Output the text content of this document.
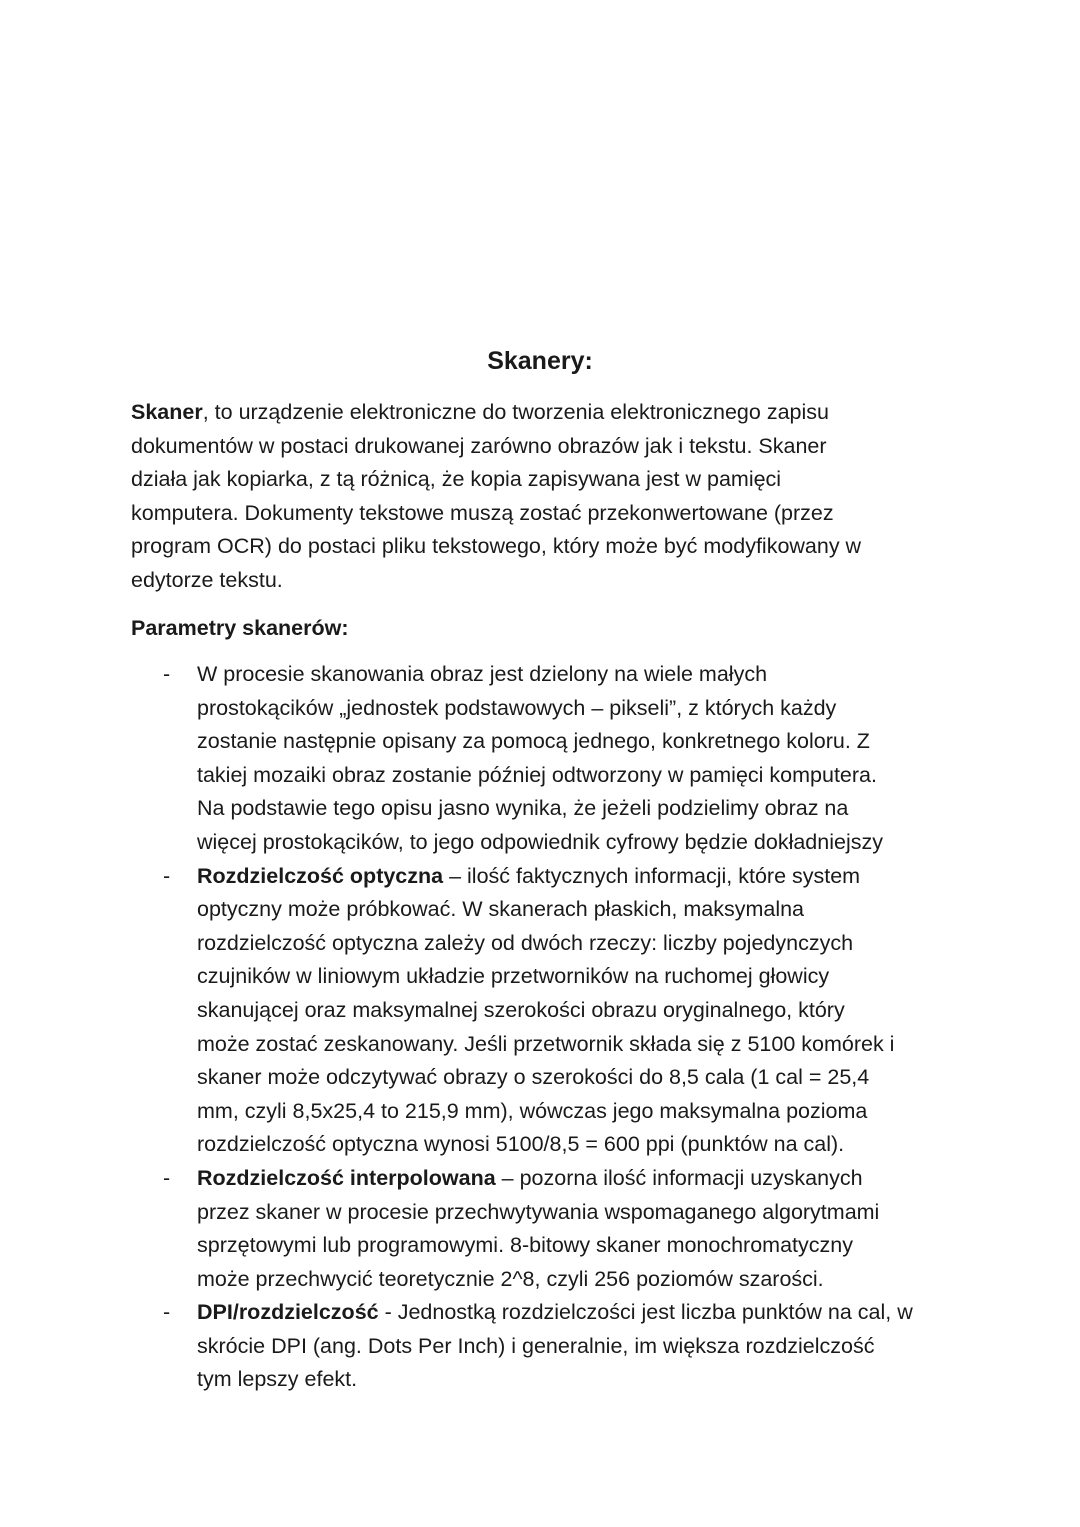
Skanery:

Skaner, to urządzenie elektroniczne do tworzenia elektronicznego zapisu
dokumentów w postaci drukowanej zarówno obrazów jak i tekstu. Skaner
działa jak kopiarka, z tą różnicą, że kopia zapisywana jest w pamięci
komputera. Dokumenty tekstowe muszą zostać przekonwertowane (przez
program OCR) do postaci pliku tekstowego, który może być modyfikowany w
edytorze tekstu.

Parametry skanerów:
- W procesie skanowania obraz jest dzielony na wiele małych
prostokącików „jednostek podstawowych – pikseli”, z których każdy
zostanie następnie opisany za pomocą jednego, konkretnego koloru. Z
takiej mozaiki obraz zostanie później odtworzony w pamięci komputera.
Na podstawie tego opisu jasno wynika, że jeżeli podzielimy obraz na
więcej prostokącików, to jego odpowiednik cyfrowy będzie dokładniejszy
- Rozdzielczość optyczna – ilość faktycznych informacji, które system
optyczny może próbkować. W skanerach płaskich, maksymalna
rozdzielczość optyczna zależy od dwóch rzeczy: liczby pojedynczych
czujników w liniowym układzie przetworników na ruchomej głowicy
skanującej oraz maksymalnej szerokości obrazu oryginalnego, który
może zostać zeskanowany. Jeśli przetwornik składa się z 5100 komórek i
skaner może odczytywać obrazy o szerokości do 8,5 cala (1 cal = 25,4
mm, czyli 8,5x25,4 to 215,9 mm), wówczas jego maksymalna pozioma
rozdzielczość optyczna wynosi 5100/8,5 = 600 ppi (punktów na cal).
- Rozdzielczość interpolowana – pozorna ilość informacji uzyskanych
przez skaner w procesie przechwytywania wspomaganego algorytmami
sprzętowymi lub programowymi. 8-bitowy skaner monochromatyczny
może przechwycić teoretycznie 2^8, czyli 256 poziomów szarości.
- DPI/rozdzielczość - Jednostką rozdzielczości jest liczba punktów na cal, w
skrócie DPI (ang. Dots Per Inch) i generalnie, im większa rozdzielczość
tym lepszy efekt.
